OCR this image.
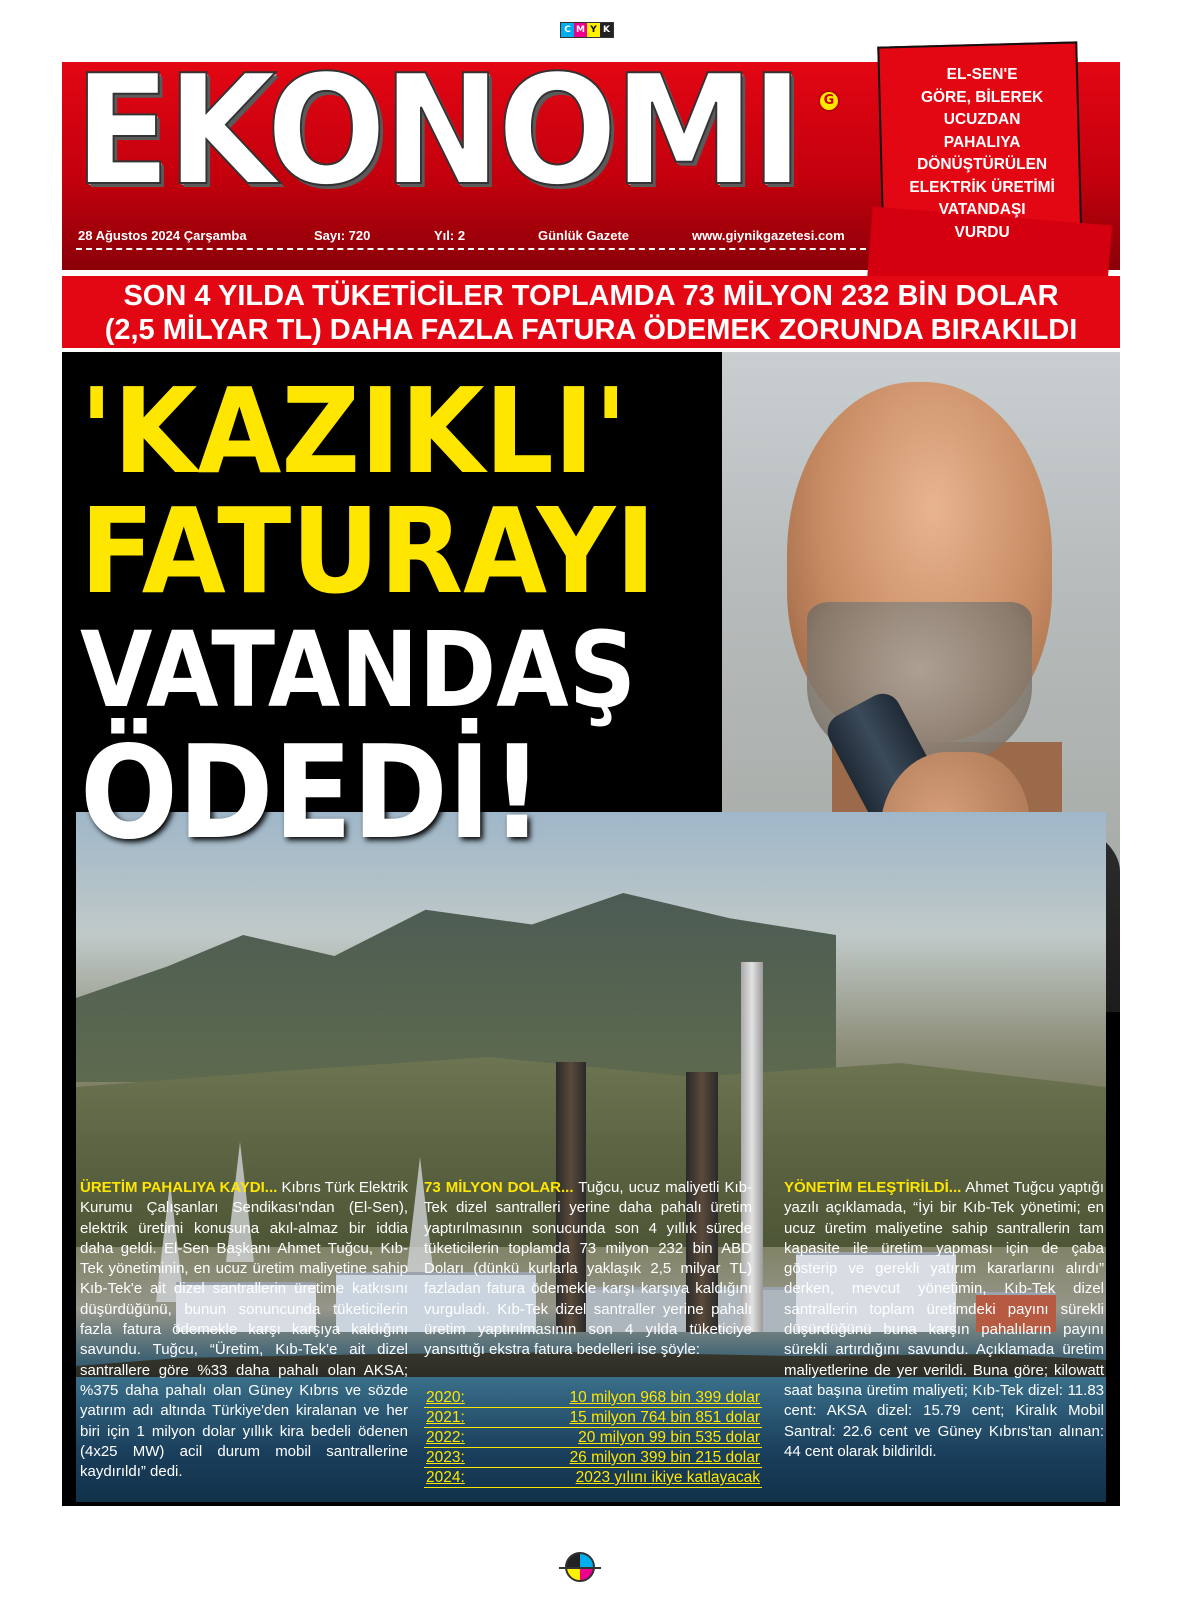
C M Y K
EKONOMI	G
28 Ağustos 2024 Çarşamba	Sayı: 720	Yıl: 2	Günlük Gazete	www.giynikgazetesi.com
EL-SEN'E
GÖRE, BİLEREK
UCUZDAN
PAHALIYA
DÖNÜŞTÜRÜLEN
ELEKTRİK ÜRETİMİ
VATANDAŞI
VURDU
SON 4 YILDA TÜKETİCİLER TOPLAMDA 73 MİLYON 232 BİN DOLAR
(2,5 MİLYAR TL) DAHA FAZLA FATURA ÖDEMEK ZORUNDA BIRAKILDI
'KAZIKLI'
FATURAYI
VATANDAŞ
ÖDEDİ!
ÜRETİM PAHALIYA KAYDI... Kıbrıs Türk Elektrik Kurumu Çalışanları Sendikası'ndan (El-Sen), elektrik üretimi konusuna akıl-almaz bir iddia daha geldi. El-Sen Başkanı Ahmet Tuğcu, Kıb-Tek yönetiminin, en ucuz üretim maliyetine sahip Kıb-Tek'e ait dizel santrallerin üretime katkısını düşürdüğünü, bunun sonuncunda tüketicilerin fazla fatura ödemekle karşı karşıya kaldığını savundu. Tuğcu, “Üretim, Kıb-Tek'e ait dizel santrallere göre %33 daha pahalı olan AKSA; %375 daha pahalı olan Güney Kıbrıs ve sözde yatırım adı altında Türkiye'den kiralanan ve her biri için 1 milyon dolar yıllık kira bedeli ödenen (4x25 MW) acil durum mobil santrallerine kaydırıldı” dedi.
73 MİLYON DOLAR... Tuğcu, ucuz maliyetli Kıb-Tek dizel santralleri yerine daha pahalı üretim yaptırılmasının sonucunda son 4 yıllık sürede tüketicilerin toplamda 73 milyon 232 bin ABD Doları (dünkü kurlarla yaklaşık 2,5 milyar TL) fazladan fatura ödemekle karşı karşıya kaldığını vurguladı. Kıb-Tek dizel santraller yerine pahalı üretim yaptırılmasının son 4 yılda tüketiciye yansıttığı ekstra fatura bedelleri ise şöyle:
YÖNETİM ELEŞTİRİLDİ... Ahmet Tuğcu yaptığı yazılı açıklamada, “İyi bir Kıb-Tek yönetimi; en ucuz üretim maliyetine sahip santrallerin tam kapasite ile üretim yapması için de çaba gösterip ve gerekli yatırım kararlarını alırdı” derken, mevcut yönetimin, Kıb-Tek dizel santrallerin toplam üretimdeki payını sürekli düşürdüğünü buna karşın pahalıların payını sürekli artırdığını savundu. Açıklamada üretim maliyetlerine de yer verildi. Buna göre; kilowatt saat başına üretim maliyeti; Kıb-Tek dizel: 11.83 cent: AKSA dizel: 15.79 cent; Kiralık Mobil Santral: 22.6 cent ve Güney Kıbrıs'tan alınan: 44 cent olarak bildirildi.
2020:	10 milyon 968 bin 399 dolar
2021:	15 milyon 764 bin 851 dolar
2022:	20 milyon 99 bin 535 dolar
2023:	26 milyon 399 bin 215 dolar
2024:	2023 yılını ikiye katlayacak
